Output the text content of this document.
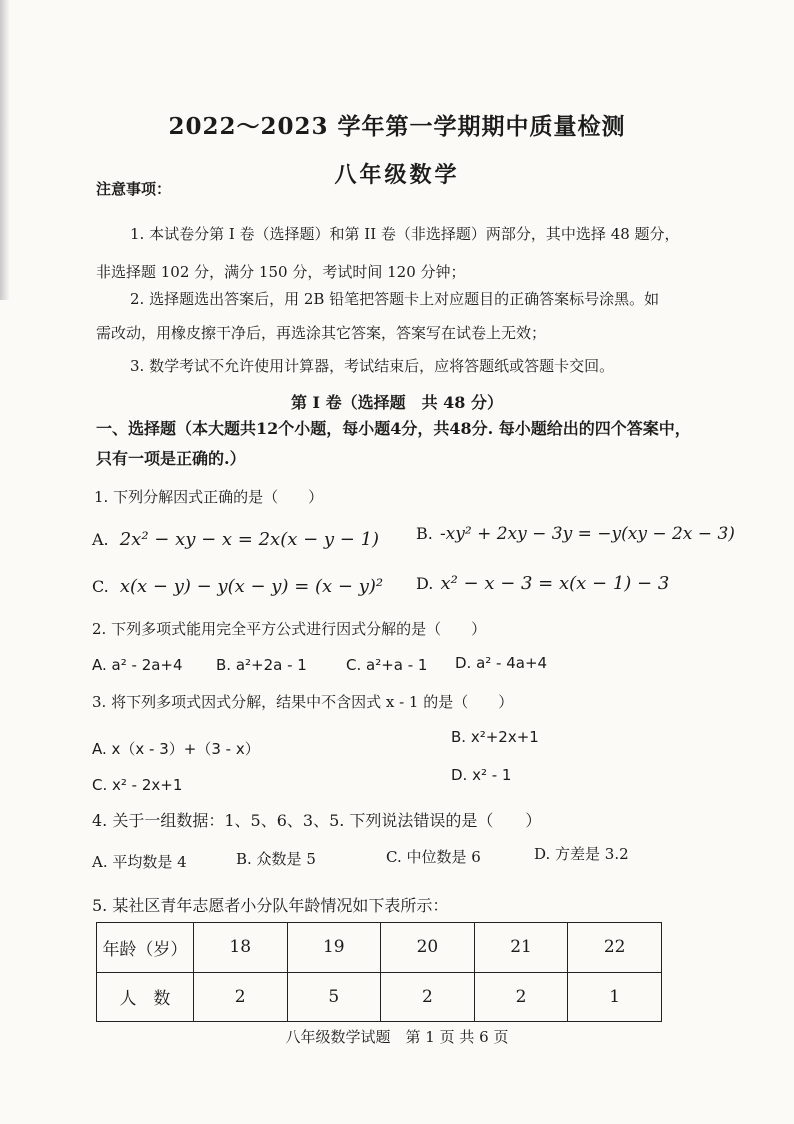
2022～2023 学年第一学期期中质量检测
八年级数学
注意事项：
1. 本试卷分第 I 卷（选择题）和第 II 卷（非选择题）两部分，其中选择 48 题分，
非选择题 102 分，满分 150 分，考试时间 120 分钟；
2. 选择题选出答案后，用 2B 铅笔把答题卡上对应题目的正确答案标号涂黑。如
需改动，用橡皮擦干净后，再选涂其它答案，答案写在试卷上无效；
3. 数学考试不允许使用计算器，考试结束后，应将答题纸或答题卡交回。
第 I 卷（选择题　共 48 分）
一、选择题（本大题共12个小题，每小题4分，共48分. 每小题给出的四个答案中，
只有一项是正确的.）
1. 下列分解因式正确的是（　　）
A. 2x² − xy − x = 2x(x − y − 1) B. -xy² + 2xy − 3y = −y(xy − 2x − 3)
C. x(x − y) − y(x − y) = (x − y)² D. x² − x − 3 = x(x − 1) − 3
2. 下列多项式能用完全平方公式进行因式分解的是（　　）
A. a² - 2a+4 B. a²+2a - 1	C. a²+a - 1 D. a² - 4a+4
3. 将下列多项式因式分解，结果中不含因式 x - 1 的是（　　）
A. x（x - 3）+（3 - x）
B. x²+2x+1
C. x² - 2x+1
D. x² - 1
4. 关于一组数据：1、5、6、3、5. 下列说法错误的是（　　）
A. 平均数是 4	B. 众数是 5	C. 中位数是 6	D. 方差是 3.2
5. 某社区青年志愿者小分队年龄情况如下表所示：
年龄（岁）	18	19	20	21	22
人　数	2	5	2	2	1
八年级数学试题　第 1 页 共 6 页
